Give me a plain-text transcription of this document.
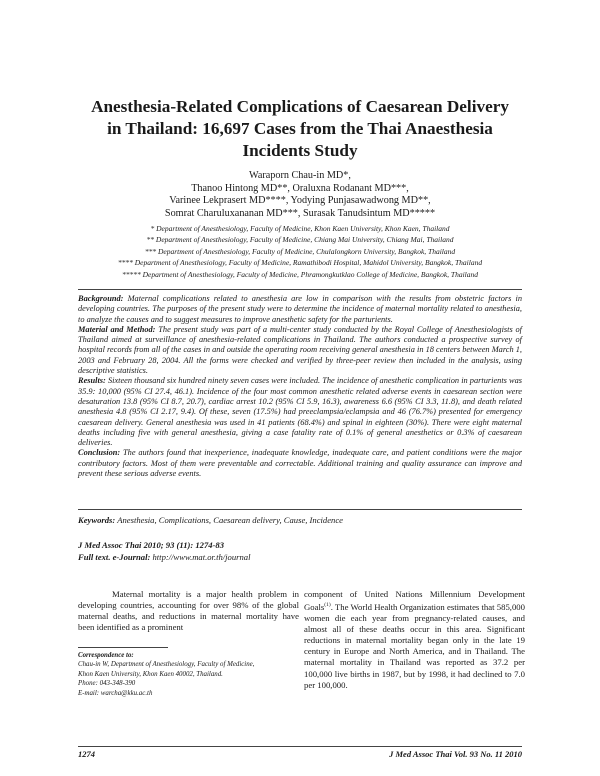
Anesthesia-Related Complications of Caesarean Delivery
in Thailand: 16,697 Cases from the Thai Anaesthesia
Incidents Study
Waraporn Chau-in MD*,
Thanoo Hintong MD**, Oraluxna Rodanant MD***,
Varinee Lekprasert MD****, Yodying Punjasawadwong MD**,
Somrat Charuluxananan MD***, Surasak Tanudsintum MD*****
* Department of Anesthesiology, Faculty of Medicine, Khon Kaen University, Khon Kaen, Thailand
** Department of Anesthesiology, Faculty of Medicine, Chiang Mai University, Chiang Mai, Thailand
*** Department of Anesthesiology, Faculty of Medicine, Chulalongkorn University, Bangkok, Thailand
**** Department of Anesthesiology, Faculty of Medicine, Ramathibodi Hospital, Mahidol University, Bangkok, Thailand
***** Department of Anesthesiology, Faculty of Medicine, Phramongkutklao College of Medicine, Bangkok, Thailand

Background: Maternal complications related to anesthesia are low in comparison with the results from obstetric factors in developing countries. The purposes of the present study were to determine the incidence of maternal mortality related to anesthesia, to analyze the causes and to suggest measures to improve anesthetic safety for the parturients.

Material and Method: The present study was part of a multi-center study conducted by the Royal College of Anesthesiologists of Thailand aimed at surveillance of anesthesia-related complications in Thailand. The authors conducted a prospective survey of hospital records from all of the cases in and outside the operating room receiving general anesthesia in 18 centers between March 1, 2003 and February 28, 2004. All the forms were checked and verified by three-peer review then included in the analysis, using descriptive statistics.

Results: Sixteen thousand six hundred ninety seven cases were included. The incidence of anesthetic complication in parturients was 35.9: 10,000 (95% CI 27.4, 46.1). Incidence of the four most common anesthetic related adverse events in caesarean section were desaturation 13.8 (95% CI 8.7, 20.7), cardiac arrest 10.2 (95% CI 5.9, 16.3), awareness 6.6 (95% CI 3.3, 11.8), and death related anesthesia 4.8 (95% CI 2.17, 9.4). Of these, seven (17.5%) had preeclampsia/eclampsia and 46 (76.7%) presented for emergency caesarean delivery. General anesthesia was used in 41 patients (68.4%) and spinal in eighteen (30%). There were eight maternal deaths including five with general anesthesia, giving a case fatality rate of 0.1% of general anesthetics or 0.3% of caesarean deliveries.

Conclusion: The authors found that inexperience, inadequate knowledge, inadequate care, and patient conditions were the major contributory factors. Most of them were preventable and correctable. Additional training and quality assurance can improve and prevent these serious adverse events.

Keywords: Anesthesia, Complications, Caesarean delivery, Cause, Incidence
J Med Assoc Thai 2010; 93 (11): 1274-83
Full text. e-Journal: http://www.mat.or.th/journal
Maternal mortality is a major health problem in developing countries, accounting for over 98% of the global maternal deaths, and reductions in maternal mortality have been identified as a prominent
component of United Nations Millennium Development Goals$^{(1)}$. The World Health Organization estimates that 585,000 women die each year from pregnancy-related causes, and almost all of these deaths occur in this area. Significant reductions in maternal mortality began only in the late 19 century in Europe and North America, and in Thailand. The maternal mortality in Thailand was reported as 37.2 per 100,000 live births in 1987, but by 1998, it had declined to 7.0 per 100,000.
Correspondence to:
Chau-in W, Department of Anesthesiology, Faculty of Medicine,
Khon Kaen University, Khon Kaen 40002, Thailand.
Phone: 043-348-390
E-mail: warcha@kku.ac.th
1274	J Med Assoc Thai Vol. 93 No. 11 2010
